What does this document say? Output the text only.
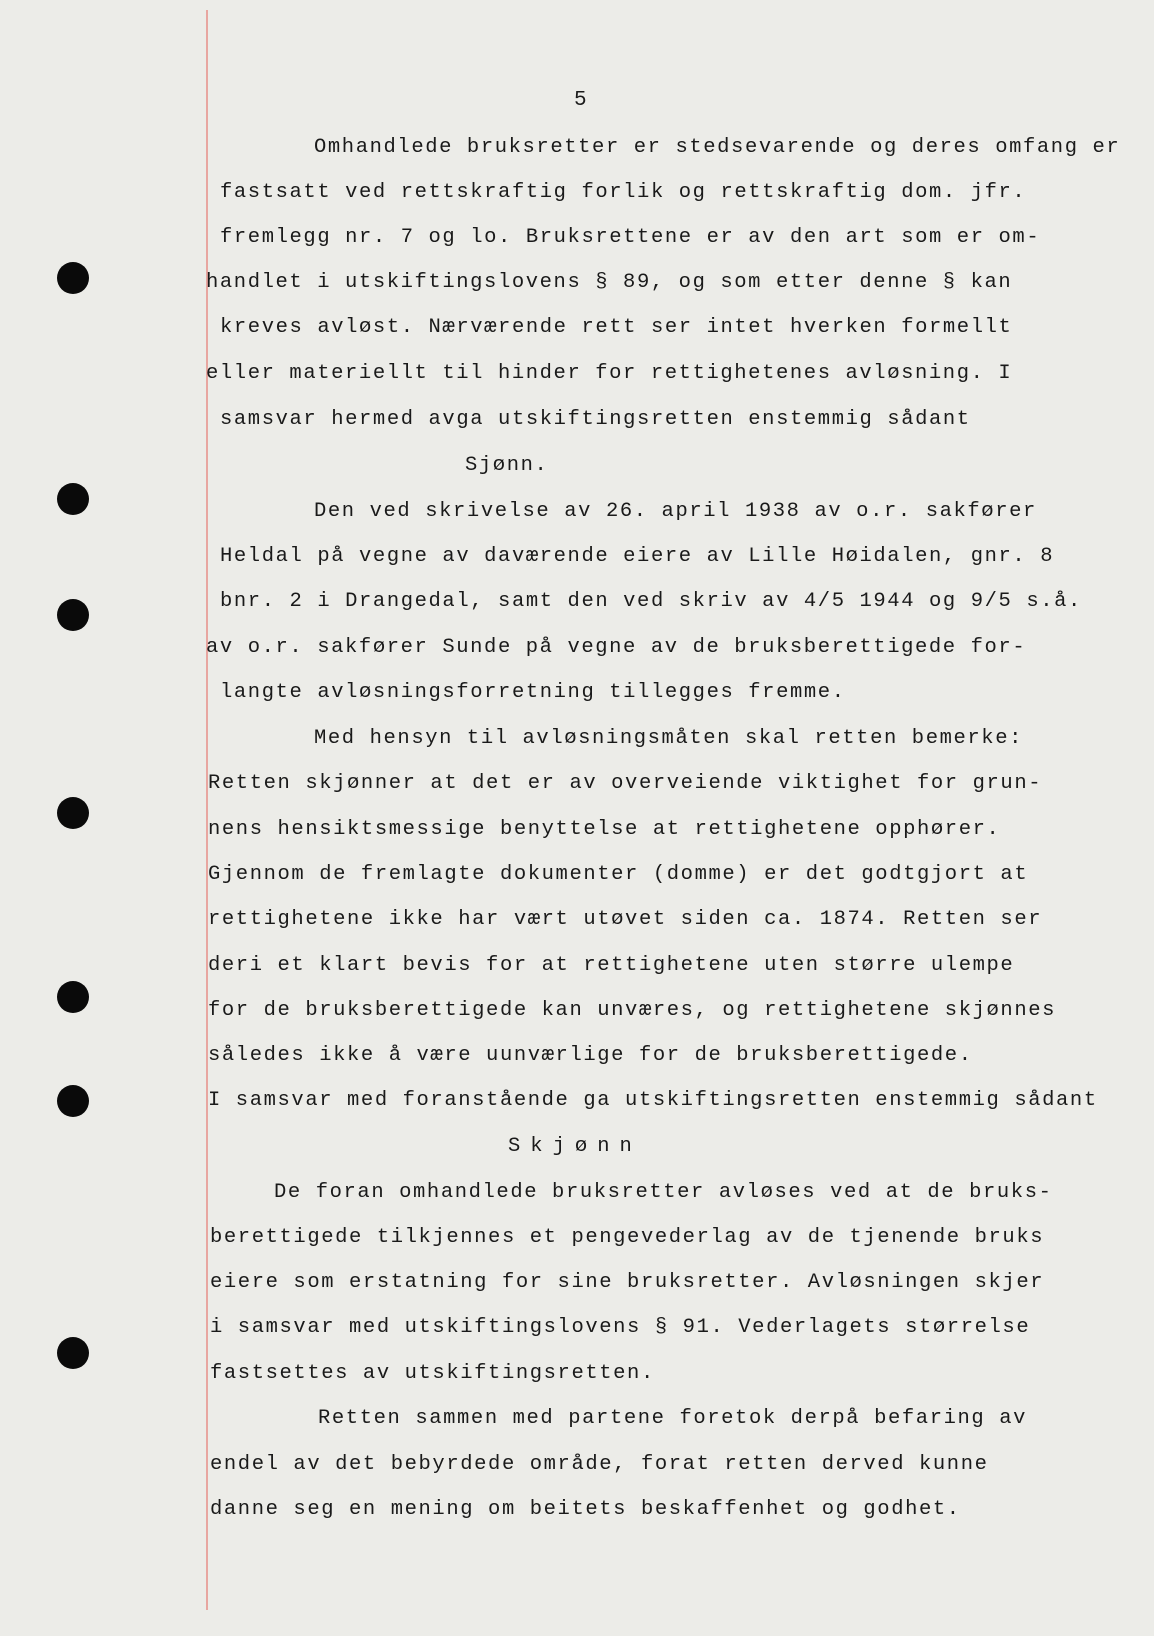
5
Omhandlede bruksretter er stedsevarende og deres omfang er
fastsatt ved rettskraftig forlik og rettskraftig dom. jfr.
fremlegg nr. 7 og lo. Bruksrettene er av den art som er om-
handlet i utskiftingslovens § 89, og som etter denne § kan
kreves avløst. Nærværende rett ser intet hverken formellt
eller materiellt til hinder for rettighetenes avløsning. I
samsvar hermed avga utskiftingsretten enstemmig sådant
Sjønn.
Den ved skrivelse av 26. april 1938 av o.r. sakfører
Heldal på vegne av daværende eiere av Lille Høidalen, gnr. 8
bnr. 2 i Drangedal, samt den ved skriv av 4/5 1944 og 9/5 s.å.
av o.r. sakfører Sunde på vegne av de bruksberettigede for-
langte avløsningsforretning tillegges fremme.
Med hensyn til avløsningsmåten skal retten bemerke:
Retten skjønner at det er av overveiende viktighet for grun-
nens hensiktsmessige benyttelse at rettighetene opphører.
Gjennom de fremlagte dokumenter (domme) er det godtgjort at
rettighetene ikke har vært utøvet siden ca. 1874. Retten ser
deri et klart bevis for at rettighetene uten større ulempe
for de bruksberettigede kan unværes, og rettighetene skjønnes
således ikke å være uunværlige for de bruksberettigede.
I samsvar med foranstående ga utskiftingsretten enstemmig sådant
Skjønn
De foran omhandlede bruksretter avløses ved at de bruks-
berettigede tilkjennes et pengevederlag av de tjenende bruks
eiere som erstatning for sine bruksretter. Avløsningen skjer
i samsvar med utskiftingslovens § 91. Vederlagets størrelse
fastsettes av utskiftingsretten.
Retten sammen med partene foretok derpå befaring av
endel av det bebyrdede område, forat retten derved kunne
danne seg en mening om beitets beskaffenhet og godhet.
